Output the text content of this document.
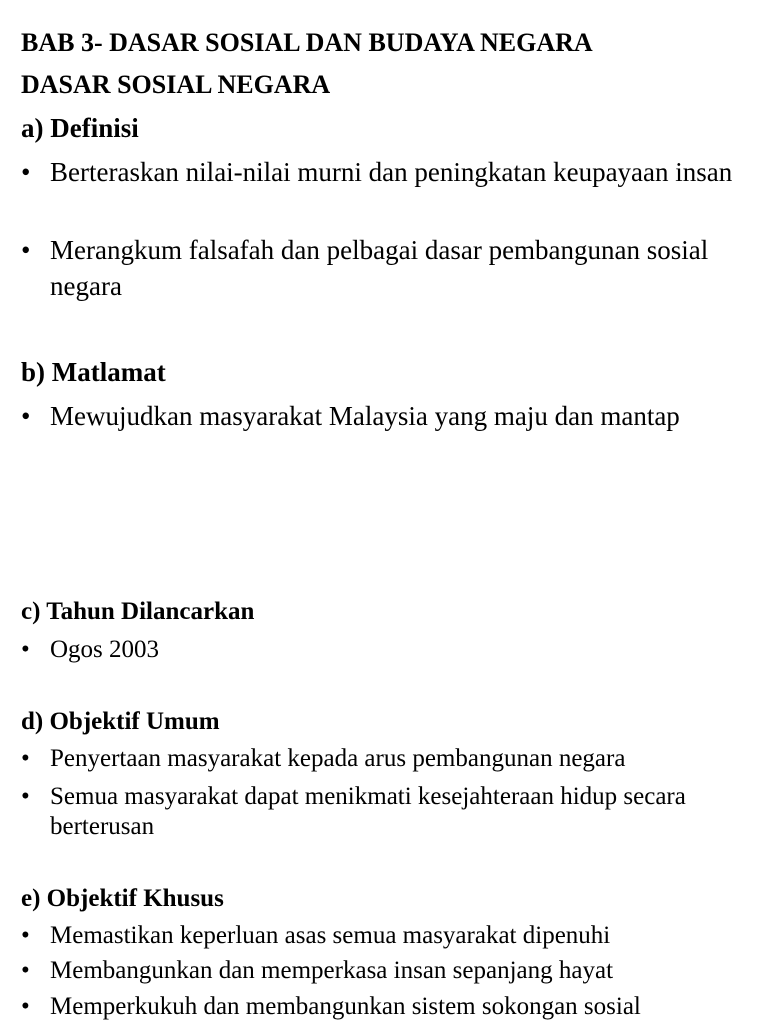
BAB 3- DASAR SOSIAL DAN BUDAYA NEGARA
DASAR SOSIAL NEGARA
a) Definisi
• Berteraskan nilai-nilai murni dan peningkatan keupayaan insan
• Merangkum falsafah dan pelbagai dasar pembangunan sosial negara
b) Matlamat
• Mewujudkan masyarakat Malaysia yang maju dan mantap
c) Tahun Dilancarkan
• Ogos 2003
d) Objektif Umum
• Penyertaan masyarakat kepada arus pembangunan negara
• Semua masyarakat dapat menikmati kesejahteraan hidup secara berterusan
e) Objektif Khusus
• Memastikan keperluan asas semua masyarakat dipenuhi
• Membangunkan dan memperkasa insan sepanjang hayat
• Memperkukuh dan membangunkan sistem sokongan sosial
